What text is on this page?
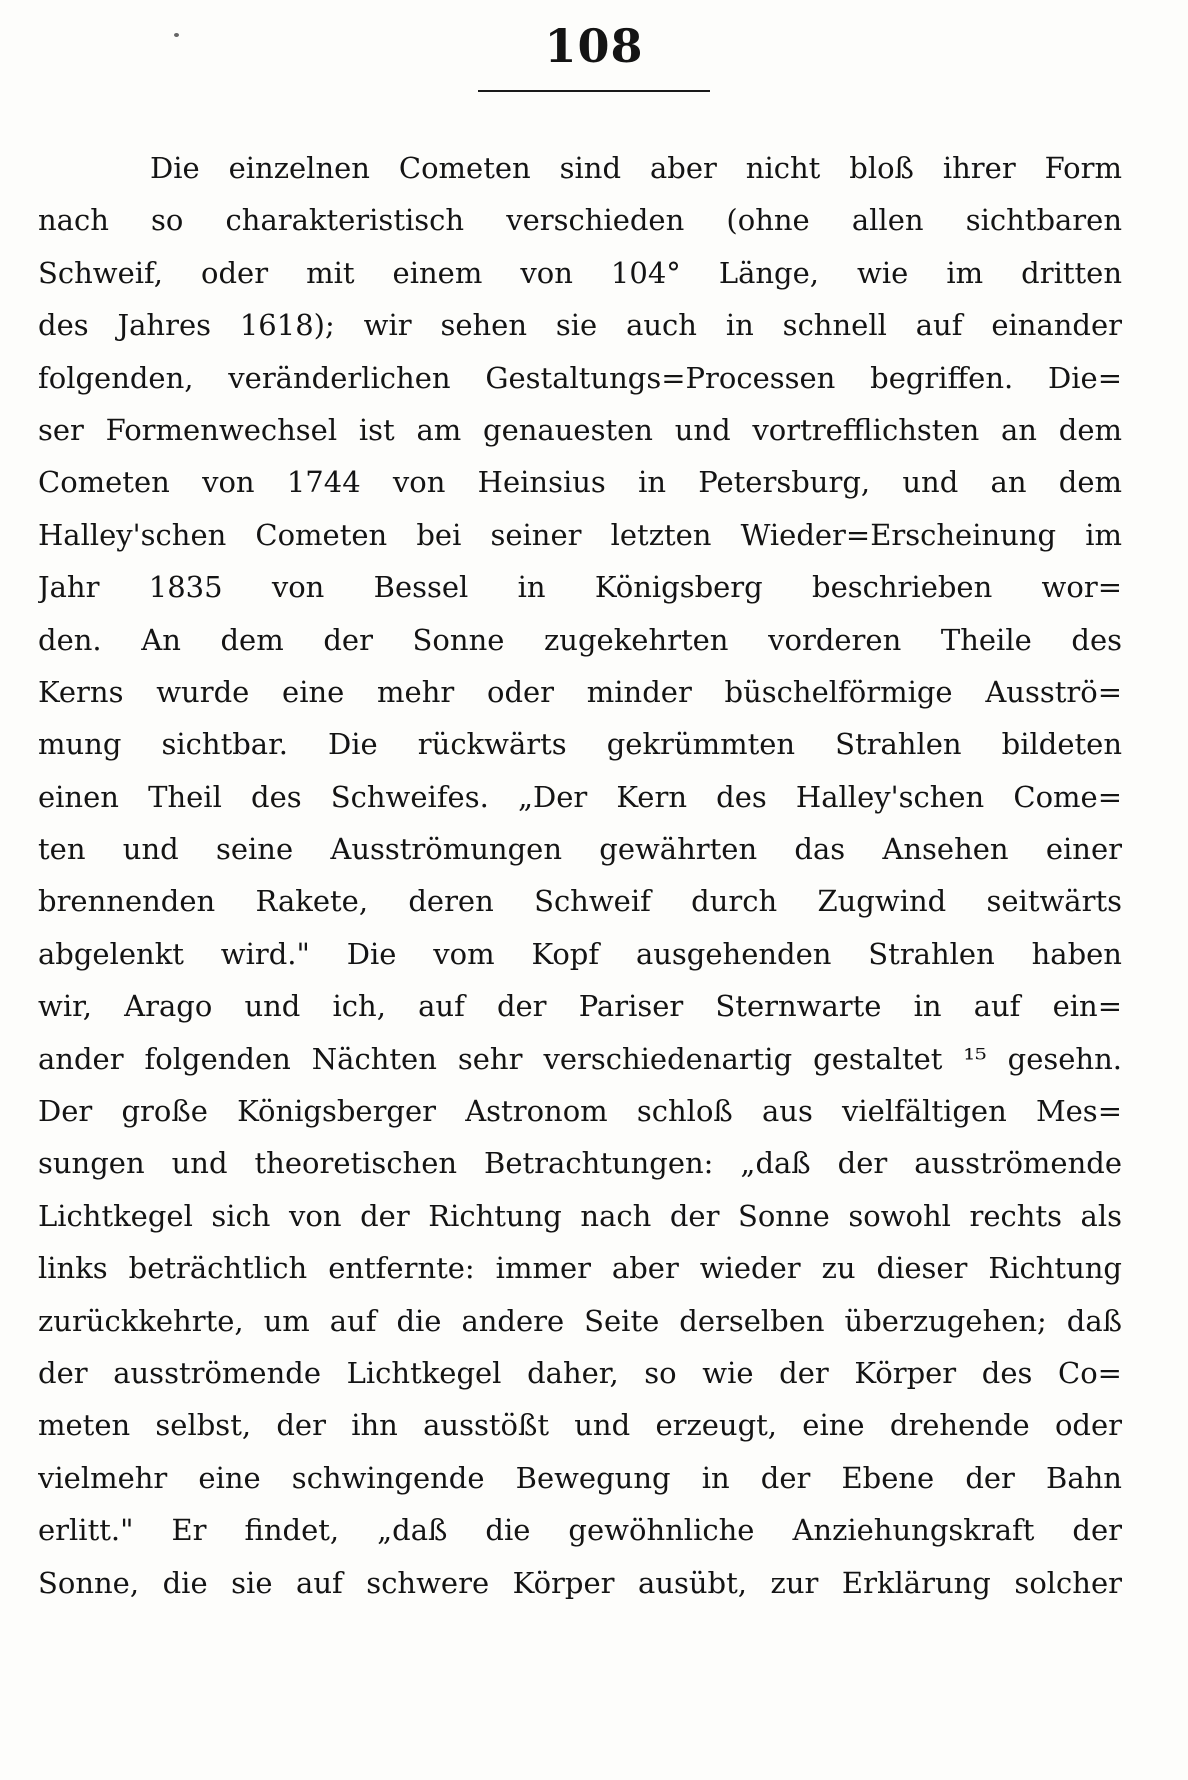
108
Die einzelnen Cometen sind aber nicht bloß ihrer Form
nach so charakteristisch verschieden (ohne allen sichtbaren
Schweif, oder mit einem von 104° Länge, wie im dritten
des Jahres 1618); wir sehen sie auch in schnell auf einander
folgenden, veränderlichen Gestaltungs=Processen begriffen. Die=
ser Formenwechsel ist am genauesten und vortrefflichsten an dem
Cometen von 1744 von Heinsius in Petersburg, und an dem
Halley'schen Cometen bei seiner letzten Wieder=Erscheinung im
Jahr 1835 von Bessel in Königsberg beschrieben wor=
den. An dem der Sonne zugekehrten vorderen Theile des
Kerns wurde eine mehr oder minder büschelförmige Ausströ=
mung sichtbar. Die rückwärts gekrümmten Strahlen bildeten
einen Theil des Schweifes. „Der Kern des Halley'schen Come=
ten und seine Ausströmungen gewährten das Ansehen einer
brennenden Rakete, deren Schweif durch Zugwind seitwärts
abgelenkt wird." Die vom Kopf ausgehenden Strahlen haben
wir, Arago und ich, auf der Pariser Sternwarte in auf ein=
ander folgenden Nächten sehr verschiedenartig gestaltet ¹⁵ gesehn.
Der große Königsberger Astronom schloß aus vielfältigen Mes=
sungen und theoretischen Betrachtungen: „daß der ausströmende
Lichtkegel sich von der Richtung nach der Sonne sowohl rechts als
links beträchtlich entfernte: immer aber wieder zu dieser Richtung
zurückkehrte, um auf die andere Seite derselben überzugehen; daß
der ausströmende Lichtkegel daher, so wie der Körper des Co=
meten selbst, der ihn ausstößt und erzeugt, eine drehende oder
vielmehr eine schwingende Bewegung in der Ebene der Bahn
erlitt." Er findet, „daß die gewöhnliche Anziehungskraft der
Sonne, die sie auf schwere Körper ausübt, zur Erklärung solcher
